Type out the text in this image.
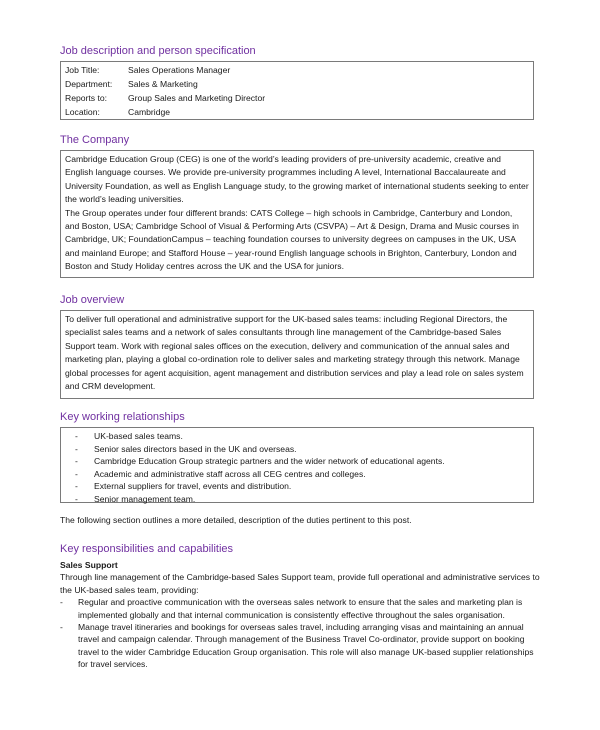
Job description and person specification
Job Title:	Sales Operations Manager
Department:	Sales & Marketing
Reports to:	Group Sales and Marketing Director
Location:	Cambridge
The Company

Cambridge Education Group (CEG) is one of the world’s leading providers of pre-university academic, creative and English language courses. We provide pre-university programmes including A level, International Baccalaureate and University Foundation, as well as English Language study, to the growing market of international students seeking to enter the world’s leading universities.

The Group operates under four different brands: CATS College – high schools in Cambridge, Canterbury and London, and Boston, USA; Cambridge School of Visual & Performing Arts (CSVPA) – Art & Design, Drama and Music courses in Cambridge, UK; FoundationCampus – teaching foundation courses to university degrees on campuses in the UK, USA and mainland Europe; and Stafford House – year-round English language schools in Brighton, Canterbury, London and Boston and Study Holiday centres across the UK and the USA for juniors.

Job overview

To deliver full operational and administrative support for the UK-based sales teams: including Regional Directors, the specialist sales teams and a network of sales consultants through line management of the Cambridge-based Sales Support team. Work with regional sales offices on the execution, delivery and communication of the annual sales and marketing plan, playing a global co-ordination role to deliver sales and marketing strategy through this network. Manage global processes for agent acquisition, agent management and distribution services and play a lead role on sales system and CRM development.

Key working relationships
-	UK-based sales teams.
-	Senior sales directors based in the UK and overseas.
-	Cambridge Education Group strategic partners and the wider network of educational agents.
-	Academic and administrative staff across all CEG centres and colleges.
-	External suppliers for travel, events and distribution.
-	Senior management team.
The following section outlines a more detailed, description of the duties pertinent to this post.
Key responsibilities and capabilities
Sales Support
Through line management of the Cambridge-based Sales Support team, provide full operational and administrative services to the UK-based sales team, providing:
-	Regular and proactive communication with the overseas sales network to ensure that the sales and marketing plan is implemented globally and that internal communication is consistently effective throughout the sales organisation.
-	Manage travel itineraries and bookings for overseas sales travel, including arranging visas and maintaining an annual travel and campaign calendar. Through management of the Business Travel Co-ordinator, provide support on booking travel to the wider Cambridge Education Group organisation. This role will also manage UK-based supplier relationships for travel services.
